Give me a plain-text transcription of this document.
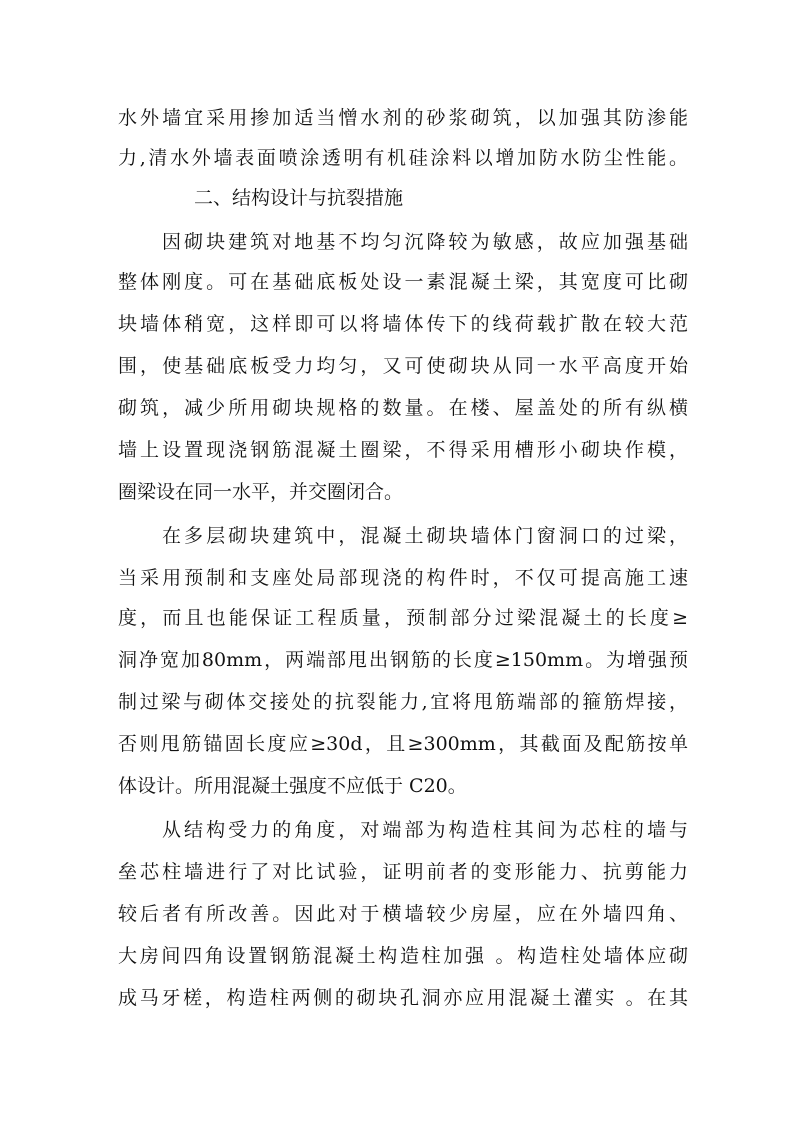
水外墙宜采用掺加适当憎水剂的砂浆砌筑，以加强其防渗能
力,清水外墙表面喷涂透明有机硅涂料以增加防水防尘性能。
二、结构设计与抗裂措施
因砌块建筑对地基不均匀沉降较为敏感，故应加强基础
整体刚度。可在基础底板处设一素混凝土梁，其宽度可比砌
块墙体稍宽，这样即可以将墙体传下的线荷载扩散在较大范
围，使基础底板受力均匀，又可使砌块从同一水平高度开始
砌筑，减少所用砌块规格的数量。在楼、屋盖处的所有纵横
墙上设置现浇钢筋混凝土圈梁，不得采用槽形小砌块作模，
圈梁设在同一水平，并交圈闭合。
在多层砌块建筑中，混凝土砌块墙体门窗洞口的过梁，
当采用预制和支座处局部现浇的构件时，不仅可提高施工速
度，而且也能保证工程质量，预制部分过梁混凝土的长度≥
洞净宽加80mm，两端部甩出钢筋的长度≥150mm。为增强预
制过梁与砌体交接处的抗裂能力,宜将甩筋端部的箍筋焊接，
否则甩筋锚固长度应≥30d，且≥300mm，其截面及配筋按单
体设计。所用混凝土强度不应低于 C20。
从结构受力的角度，对端部为构造柱其间为芯柱的墙与
垒芯柱墙进行了对比试验，证明前者的变形能力、抗剪能力
较后者有所改善。因此对于横墙较少房屋，应在外墙四角、
大房间四角设置钢筋混凝土构造柱加强 。构造柱处墙体应砌
成马牙槎，构造柱两侧的砌块孔洞亦应用混凝土灌实 。在其
